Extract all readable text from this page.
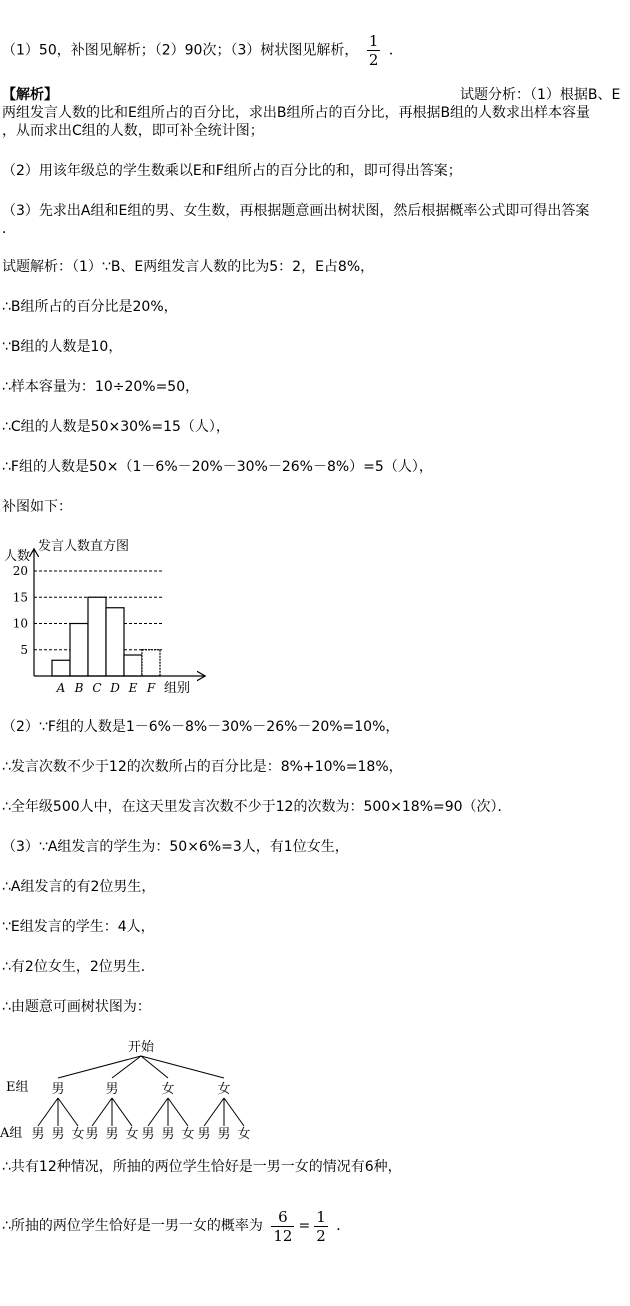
（1）50，补图见解析；（2）90次；（3）树状图见解析， $\frac{1}{2}$ ．
【解析】	试题分析：（1）根据B、E
两组发言人数的比和E组所占的百分比，求出B组所占的百分比，再根据B组的人数求出样本容量
，从而求出C组的人数，即可补全统计图；
（2）用该年级总的学生数乘以E和F组所占的百分比的和，即可得出答案；
（3）先求出A组和E组的男、女生数，再根据题意画出树状图，然后根据概率公式即可得出答案
．
试题解析：（1）∵B、E两组发言人数的比为5：2，E占8%，
∴B组所占的百分比是20%，
∵B组的人数是10，
∴样本容量为：10÷20%=50，
∴C组的人数是50×30%=15（人），
∴F组的人数是50×（1－6%－20%－30%－26%－8%）=5（人），
补图如下：
发言人数直方图
人数
组别
5
10
15
20
A B C D E F
（2）∵F组的人数是1－6%－8%－30%－26%－20%=10%，
∴发言次数不少于12的次数所占的百分比是：8%+10%=18%，
∴全年级500人中，在这天里发言次数不少于12的次数为：500×18%=90（次）．
（3）∵A组发言的学生为：50×6%=3人，有1位女生，
∴A组发言的有2位男生，
∵E组发言的学生：4人，
∴有2位女生，2位男生．
∴由题意可画树状图为：
开始
E组
A组
男
男 男 女
男
男 男 女
女
男 男 女
女
男 男 女
∴共有12种情况，所抽的两位学生恰好是一男一女的情况有6种，
∴所抽的两位学生恰好是一男一女的概率为 $\frac{6}{12} = \frac{1}{2}$ ．
